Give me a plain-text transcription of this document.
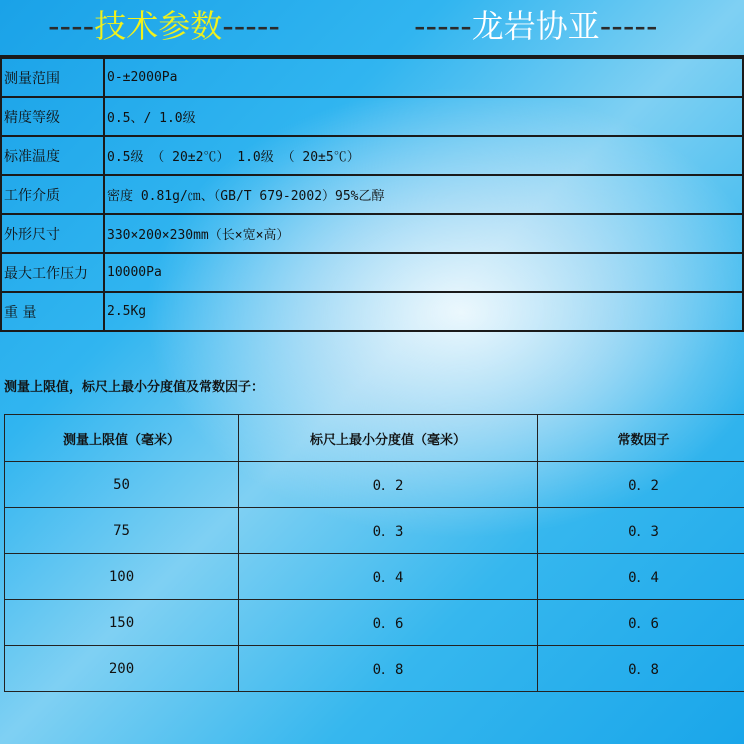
----技术参数-----	-----龙岩协亚-----
测量范围	0-±2000Pa
精度等级	0.5、/ 1.0级
标准温度	0.5级 （ 20±2℃） 1.0级 （ 20±5℃）
工作介质	密度 0.81g/㎝、（GB/T 679-2002）95%乙醇
外形尺寸	330×200×230mm（长×宽×高）
最大工作压力	10000Pa
重 量	2.5Kg
测量上限值，标尺上最小分度值及常数因子：
测量上限值（毫米）	标尺上最小分度值（毫米）	常数因子
50	0．2	0．2
75	0．3	0．3
100	0．4	0．4
150	0．6	0．6
200	0．8	0．8
